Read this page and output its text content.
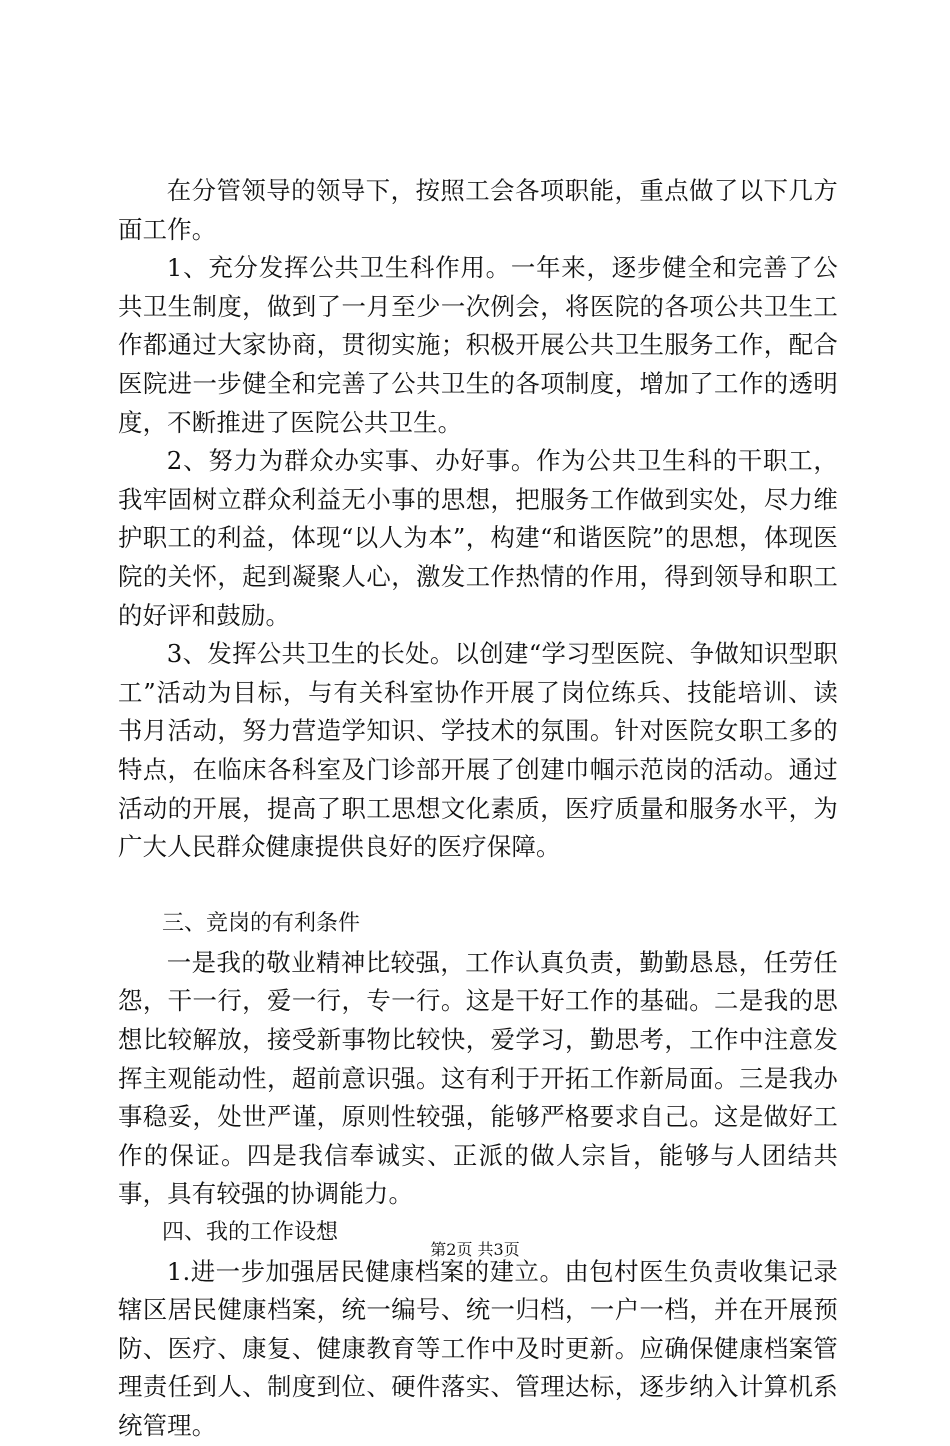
在分管领导的领导下，按照工会各项职能，重点做了以下几方面工作。

1、充分发挥公共卫生科作用。一年来，逐步健全和完善了公共卫生制度，做到了一月至少一次例会，将医院的各项公共卫生工作都通过大家协商，贯彻实施；积极开展公共卫生服务工作，配合医院进一步健全和完善了公共卫生的各项制度，增加了工作的透明度，不断推进了医院公共卫生。

2、努力为群众办实事、办好事。作为公共卫生科的干职工，我牢固树立群众利益无小事的思想，把服务工作做到实处，尽力维护职工的利益，体现“以人为本”，构建“和谐医院”的思想，体现医院的关怀，起到凝聚人心，激发工作热情的作用，得到领导和职工的好评和鼓励。

3、发挥公共卫生的长处。以创建“学习型医院、争做知识型职工”活动为目标，与有关科室协作开展了岗位练兵、技能培训、读书月活动，努力营造学知识、学技术的氛围。针对医院女职工多的特点，在临床各科室及门诊部开展了创建巾帼示范岗的活动。通过活动的开展，提高了职工思想文化素质，医疗质量和服务水平，为广大人民群众健康提供良好的医疗保障。

三、竞岗的有利条件

一是我的敬业精神比较强，工作认真负责，勤勤恳恳，任劳任怨，干一行，爱一行，专一行。这是干好工作的基础。二是我的思想比较解放，接受新事物比较快，爱学习，勤思考，工作中注意发挥主观能动性，超前意识强。这有利于开拓工作新局面。三是我办事稳妥，处世严谨，原则性较强，能够严格要求自己。这是做好工作的保证。四是我信奉诚实、正派的做人宗旨，能够与人团结共事，具有较强的协调能力。

四、我的工作设想

1.进一步加强居民健康档案的建立。由包村医生负责收集记录辖区居民健康档案，统一编号、统一归档，一户一档，并在开展预防、医疗、康复、健康教育等工作中及时更新。应确保健康档案管理责任到人、制度到位、硬件落实、管理达标，逐步纳入计算机系统管理。

第2页 共3页
